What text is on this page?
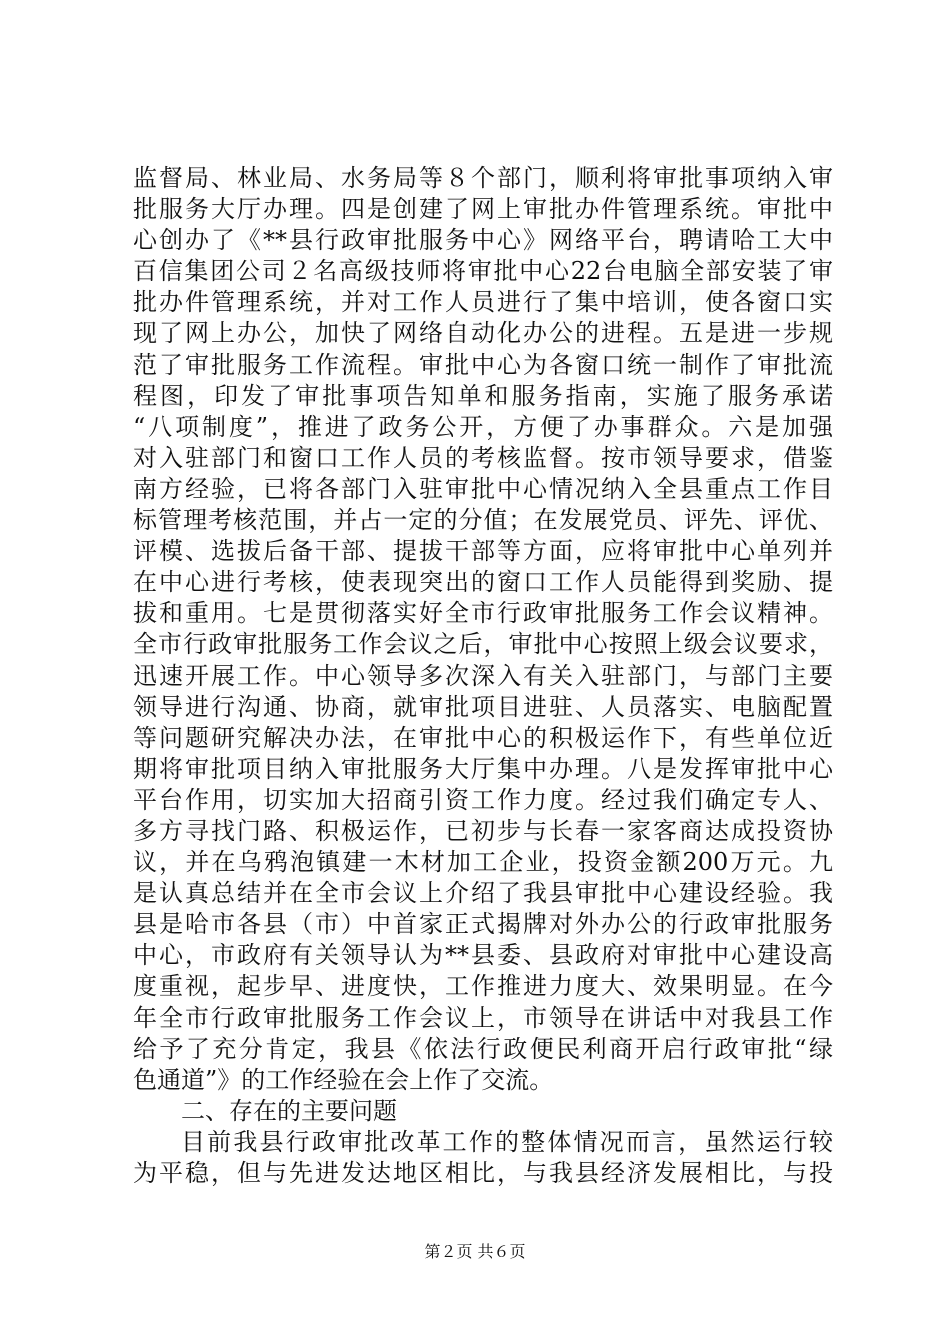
监督局、林业局、水务局等８个部门，顺利将审批事项纳入审
批服务大厅办理。四是创建了网上审批办件管理系统。审批中
心创办了《**县行政审批服务中心》网络平台，聘请哈工大中
百信集团公司２名高级技师将审批中心22台电脑全部安装了审
批办件管理系统，并对工作人员进行了集中培训，使各窗口实
现了网上办公，加快了网络自动化办公的进程。五是进一步规
范了审批服务工作流程。审批中心为各窗口统一制作了审批流
程图，印发了审批事项告知单和服务指南，实施了服务承诺
“八项制度”，推进了政务公开，方便了办事群众。六是加强
对入驻部门和窗口工作人员的考核监督。按市领导要求，借鉴
南方经验，已将各部门入驻审批中心情况纳入全县重点工作目
标管理考核范围，并占一定的分值；在发展党员、评先、评优、
评模、选拔后备干部、提拔干部等方面，应将审批中心单列并
在中心进行考核，使表现突出的窗口工作人员能得到奖励、提
拔和重用。七是贯彻落实好全市行政审批服务工作会议精神。
全市行政审批服务工作会议之后，审批中心按照上级会议要求，
迅速开展工作。中心领导多次深入有关入驻部门，与部门主要
领导进行沟通、协商，就审批项目进驻、人员落实、电脑配置
等问题研究解决办法，在审批中心的积极运作下，有些单位近
期将审批项目纳入审批服务大厅集中办理。八是发挥审批中心
平台作用，切实加大招商引资工作力度。经过我们确定专人、
多方寻找门路、积极运作，已初步与长春一家客商达成投资协
议，并在乌鸦泡镇建一木材加工企业，投资金额200万元。九
是认真总结并在全市会议上介绍了我县审批中心建设经验。我
县是哈市各县（市）中首家正式揭牌对外办公的行政审批服务
中心，市政府有关领导认为**县委、县政府对审批中心建设高
度重视，起步早、进度快，工作推进力度大、效果明显。在今
年全市行政审批服务工作会议上，市领导在讲话中对我县工作
给予了充分肯定，我县《依法行政便民利商开启行政审批“绿
色通道”》的工作经验在会上作了交流。
二、存在的主要问题
目前我县行政审批改革工作的整体情况而言，虽然运行较
为平稳，但与先进发达地区相比，与我县经济发展相比，与投
第２页 共６页
